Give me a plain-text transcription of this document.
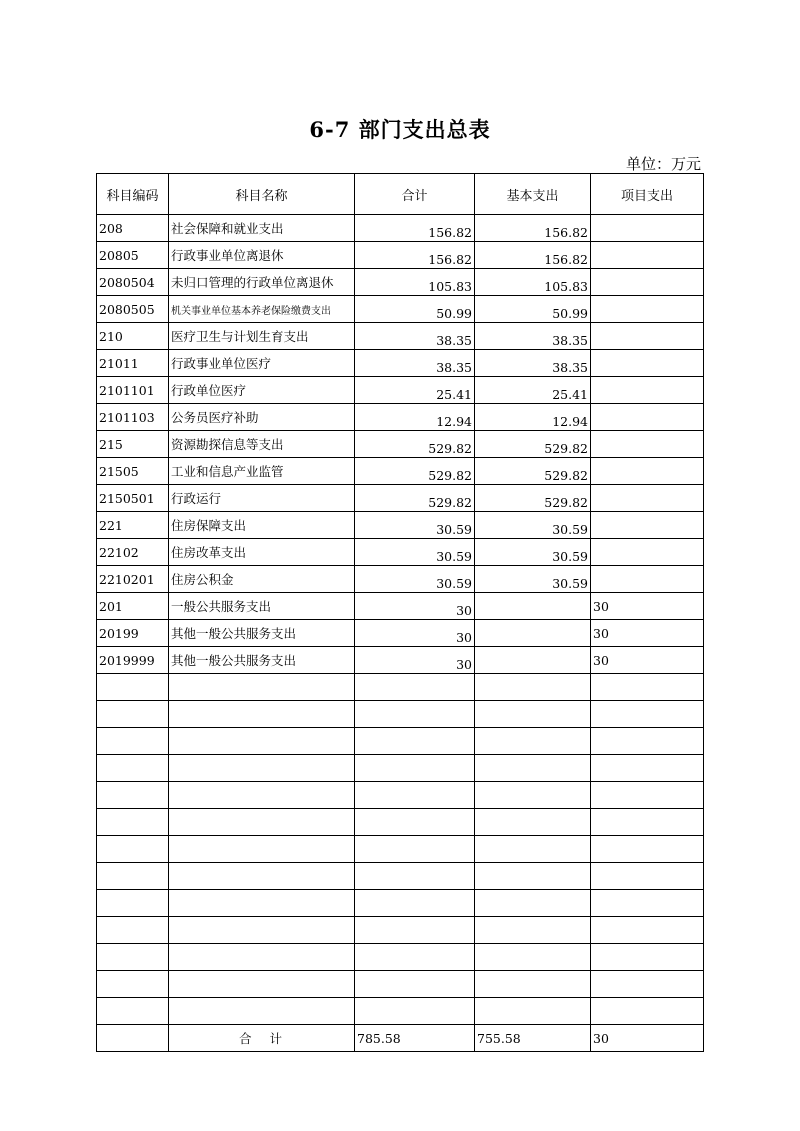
6-7 部门支出总表
单位：万元
科目编码	科目名称	合计	基本支出	项目支出
208	社会保障和就业支出	156.82	156.82	
20805	行政事业单位离退休	156.82	156.82	
2080504	未归口管理的行政单位离退休	105.83	105.83	
2080505	机关事业单位基本养老保险缴费支出	50.99	50.99	
210	医疗卫生与计划生育支出	38.35	38.35	
21011	行政事业单位医疗	38.35	38.35	
2101101	行政单位医疗	25.41	25.41	
2101103	公务员医疗补助	12.94	12.94	
215	资源勘探信息等支出	529.82	529.82	
21505	工业和信息产业监管	529.82	529.82	
2150501	行政运行	529.82	529.82	
221	住房保障支出	30.59	30.59	
22102	住房改革支出	30.59	30.59	
2210201	住房公积金	30.59	30.59	
201	一般公共服务支出	30		30
20199	其他一般公共服务支出	30		30
2019999	其他一般公共服务支出	30		30

	合计	785.58	755.58	30
